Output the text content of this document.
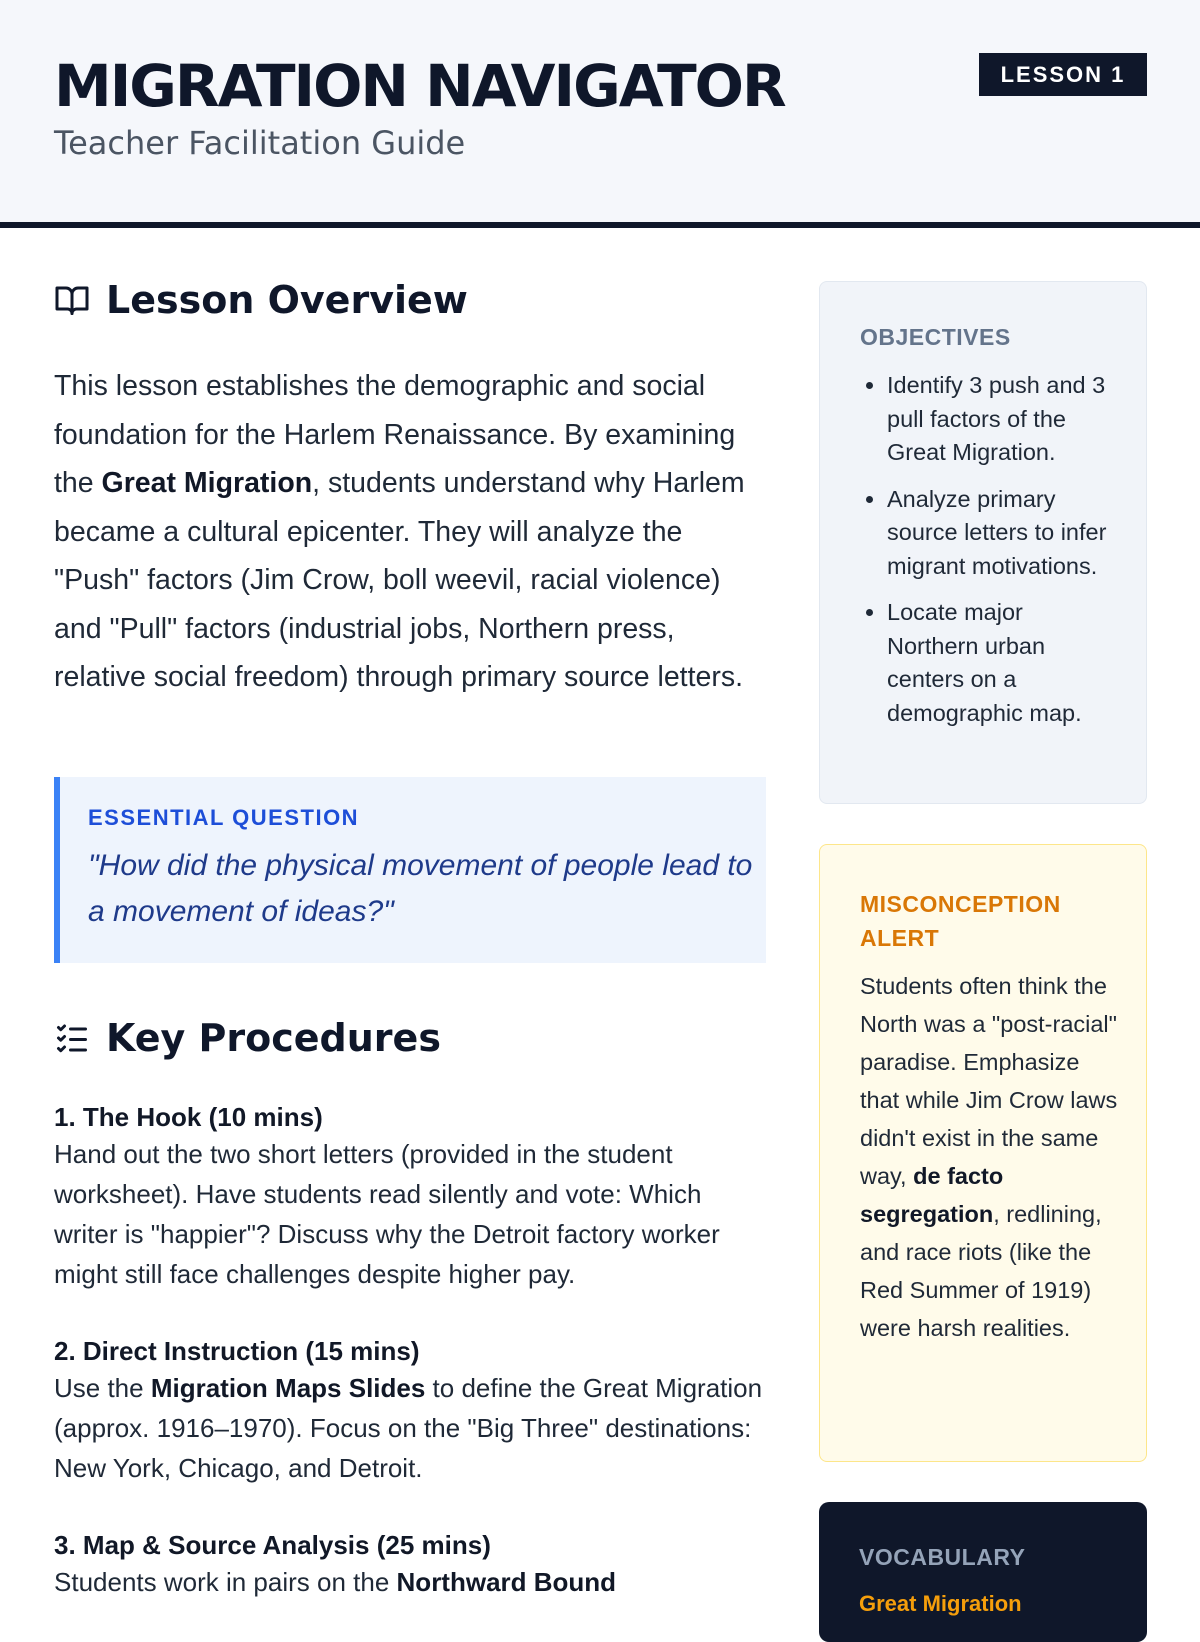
MIGRATION NAVIGATOR
Teacher Facilitation Guide
LESSON 1
Lesson Overview
This lesson establishes the demographic and social foundation for the Harlem Renaissance. By examining the Great Migration, students understand why Harlem became a cultural epicenter. They will analyze the "Push" factors (Jim Crow, boll weevil, racial violence) and "Pull" factors (industrial jobs, Northern press, relative social freedom) through primary source letters.
ESSENTIAL QUESTION
"How did the physical movement of people lead to a movement of ideas?"
Key Procedures
1. The Hook (10 mins)
Hand out the two short letters (provided in the student worksheet). Have students read silently and vote: Which writer is "happier"? Discuss why the Detroit factory worker might still face challenges despite higher pay.
2. Direct Instruction (15 mins)
Use the Migration Maps Slides to define the Great Migration (approx. 1916–1970). Focus on the "Big Three" destinations: New York, Chicago, and Detroit.
3. Map & Source Analysis (25 mins)
Students work in pairs on the Northward Bound
OBJECTIVES
• Identify 3 push and 3 pull factors of the Great Migration.
• Analyze primary source letters to infer migrant motivations.
• Locate major Northern urban centers on a demographic map.
MISCONCEPTION ALERT
Students often think the North was a "post-racial" paradise. Emphasize that while Jim Crow laws didn't exist in the same way, de facto segregation, redlining, and race riots (like the Red Summer of 1919) were harsh realities.
VOCABULARY
Great Migration
